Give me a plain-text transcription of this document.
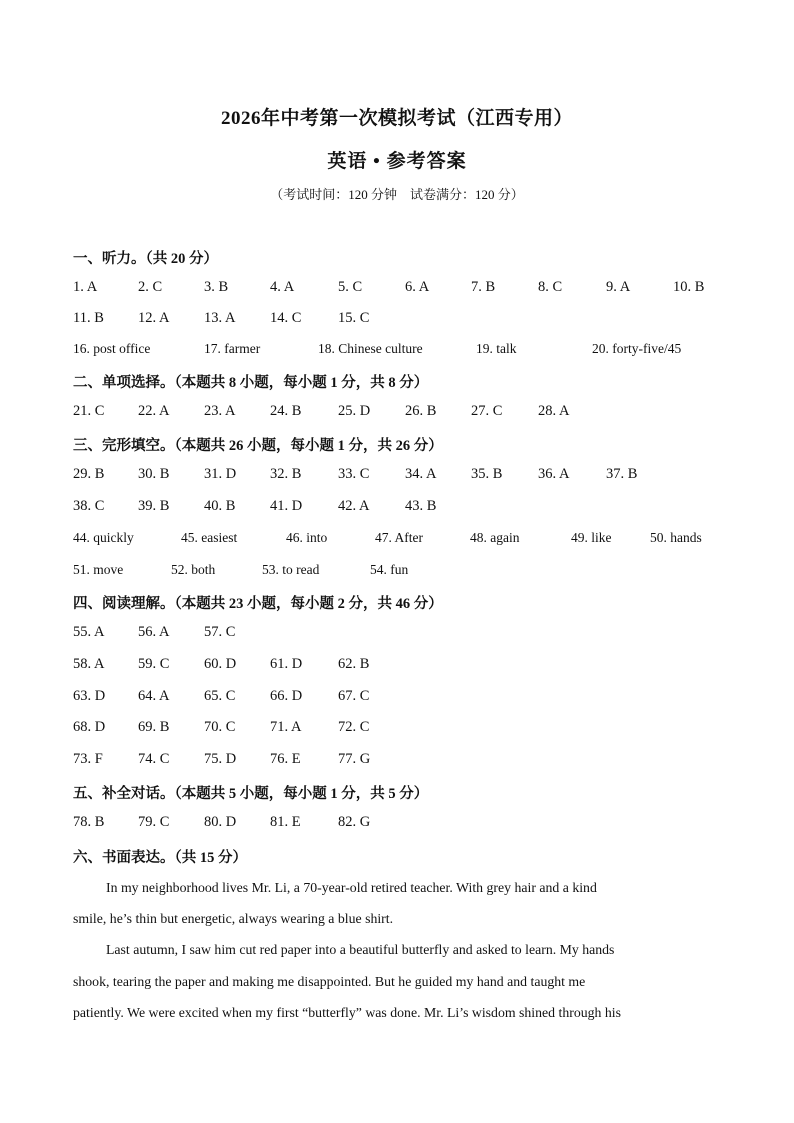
2026年中考第一次模拟考试（江西专用）
英语 • 参考答案
（考试时间：120 分钟　试卷满分：120 分）
一、听力。（共 20 分）
1. A	2. C	3. B	4. A	5. C	6. A	7. B	8. C	9. A	10. B
11. B 12. A 13. A 14. C	15. C
16. post office	17. farmer	18. Chinese culture	19. talk	20. forty-five/45
二、单项选择。（本题共 8 小题，每小题 1 分，共 8 分）
21. C 22. A 23. A 24. B	25. D 26. B 27. C 28. A
三、完形填空。（本题共 26 小题，每小题 1 分，共 26 分）
29. B 30. B 31. D 32. B	33. C 34. A 35. B 36. A	37. B
38. C 39. B 40. B 41. D 42. A 43. B
44. quickly	45. easiest	46. into	47. After	48. again	49. like	50. hands
51. move	52. both	53. to read	54. fun
四、阅读理解。（本题共 23 小题，每小题 2 分，共 46 分）
55. A 56. A 57. C
58. A 59. C 60. D 61. D 62. B
63. D 64. A 65. C 66. D 67. C
68. D 69. B 70. C 71. A	72. C
73. F 74. C 75. D 76. E	77. G
五、补全对话。（本题共 5 小题，每小题 1 分，共 5 分）
78. B 79. C 80. D 81. E	82. G
六、书面表达。（共 15 分）
In my neighborhood lives Mr. Li, a 70-year-old retired teacher. With grey hair and a kind
smile, he’s thin but energetic, always wearing a blue shirt.
Last autumn, I saw him cut red paper into a beautiful butterfly and asked to learn. My hands
shook, tearing the paper and making me disappointed. But he guided my hand and taught me
patiently. We were excited when my first “butterfly” was done. Mr. Li’s wisdom shined through his
